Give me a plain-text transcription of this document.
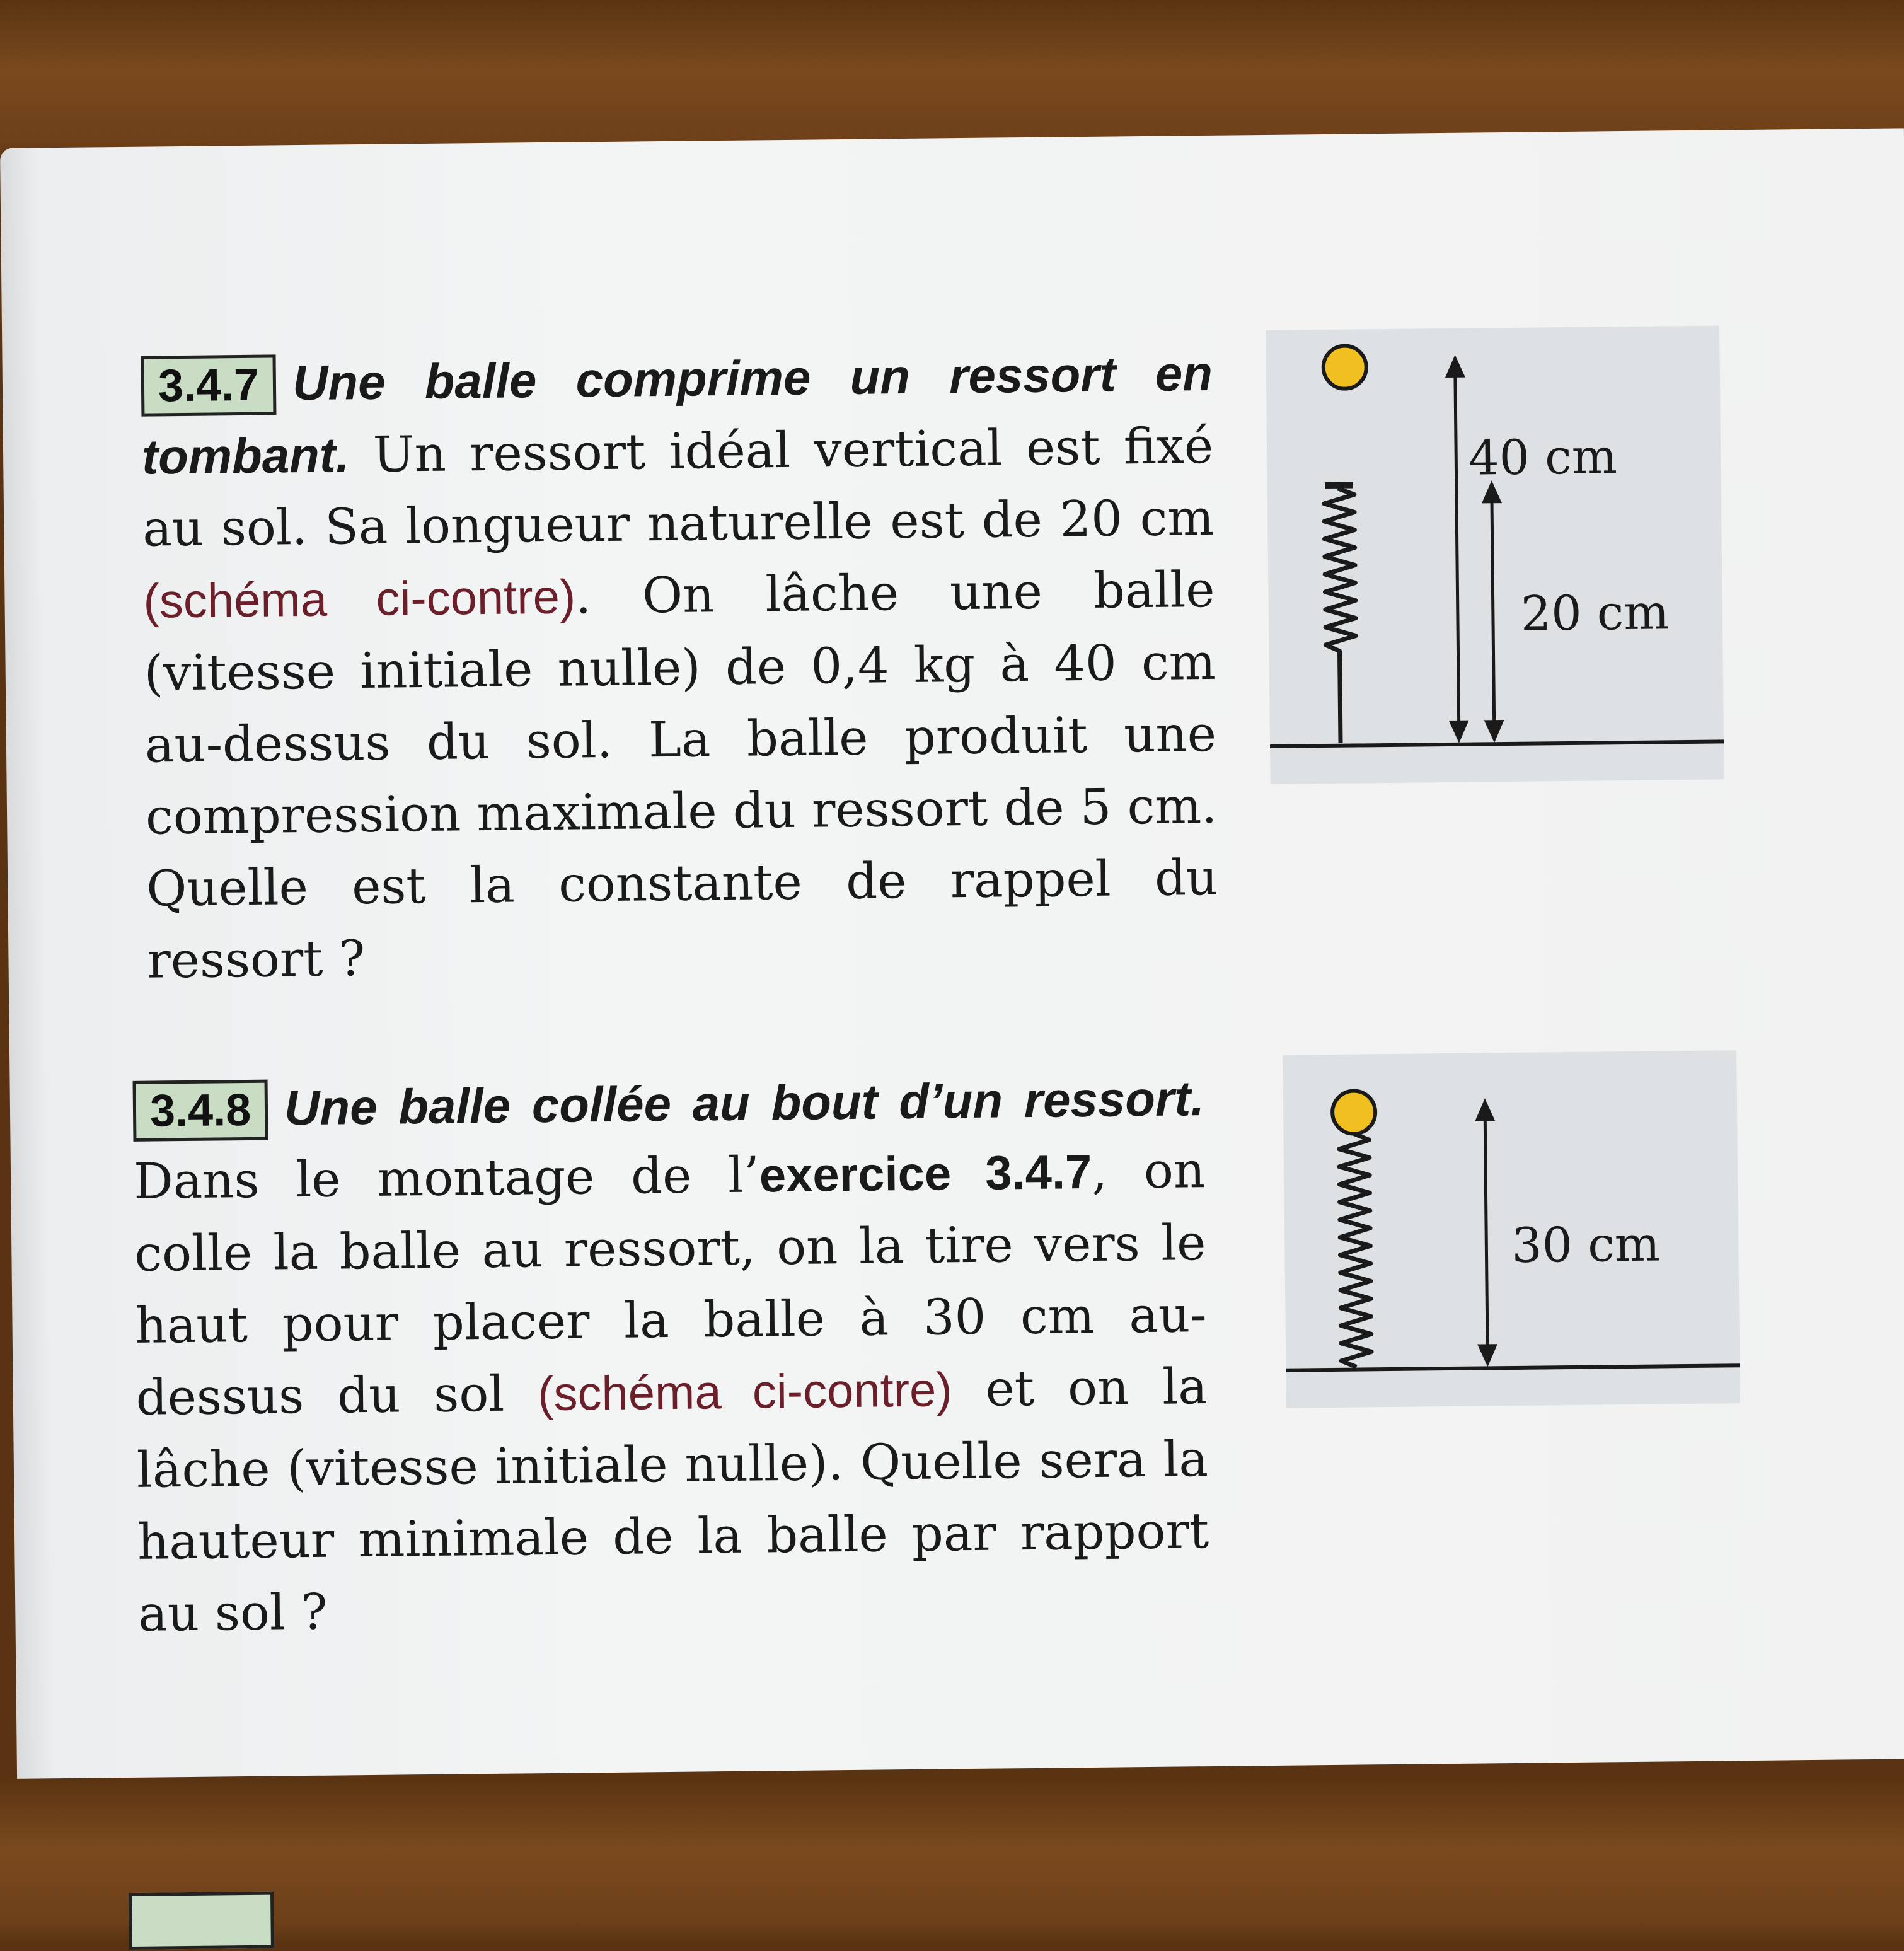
3.4.7 Une balle comprime un ressort en tombant. Un ressort idéal vertical est fixé au sol. Sa longueur naturelle est de 20 cm (schéma ci-contre). On lâche une balle (vitesse initiale nulle) de 0,4 kg à 40 cm au-dessus du sol. La balle produit une compression maximale du ressort de 5 cm. Quelle est la constante de rappel du ressort ?
40 cm
20 cm
3.4.8 Une balle collée au bout d’un ressort. Dans le montage de l’exercice 3.4.7, on colle la balle au ressort, on la tire vers le haut pour placer la balle à 30 cm au-dessus du sol (schéma ci-contre) et on la lâche (vitesse initiale nulle). Quelle sera la hauteur minimale de la balle par rapport au sol ?
30 cm
